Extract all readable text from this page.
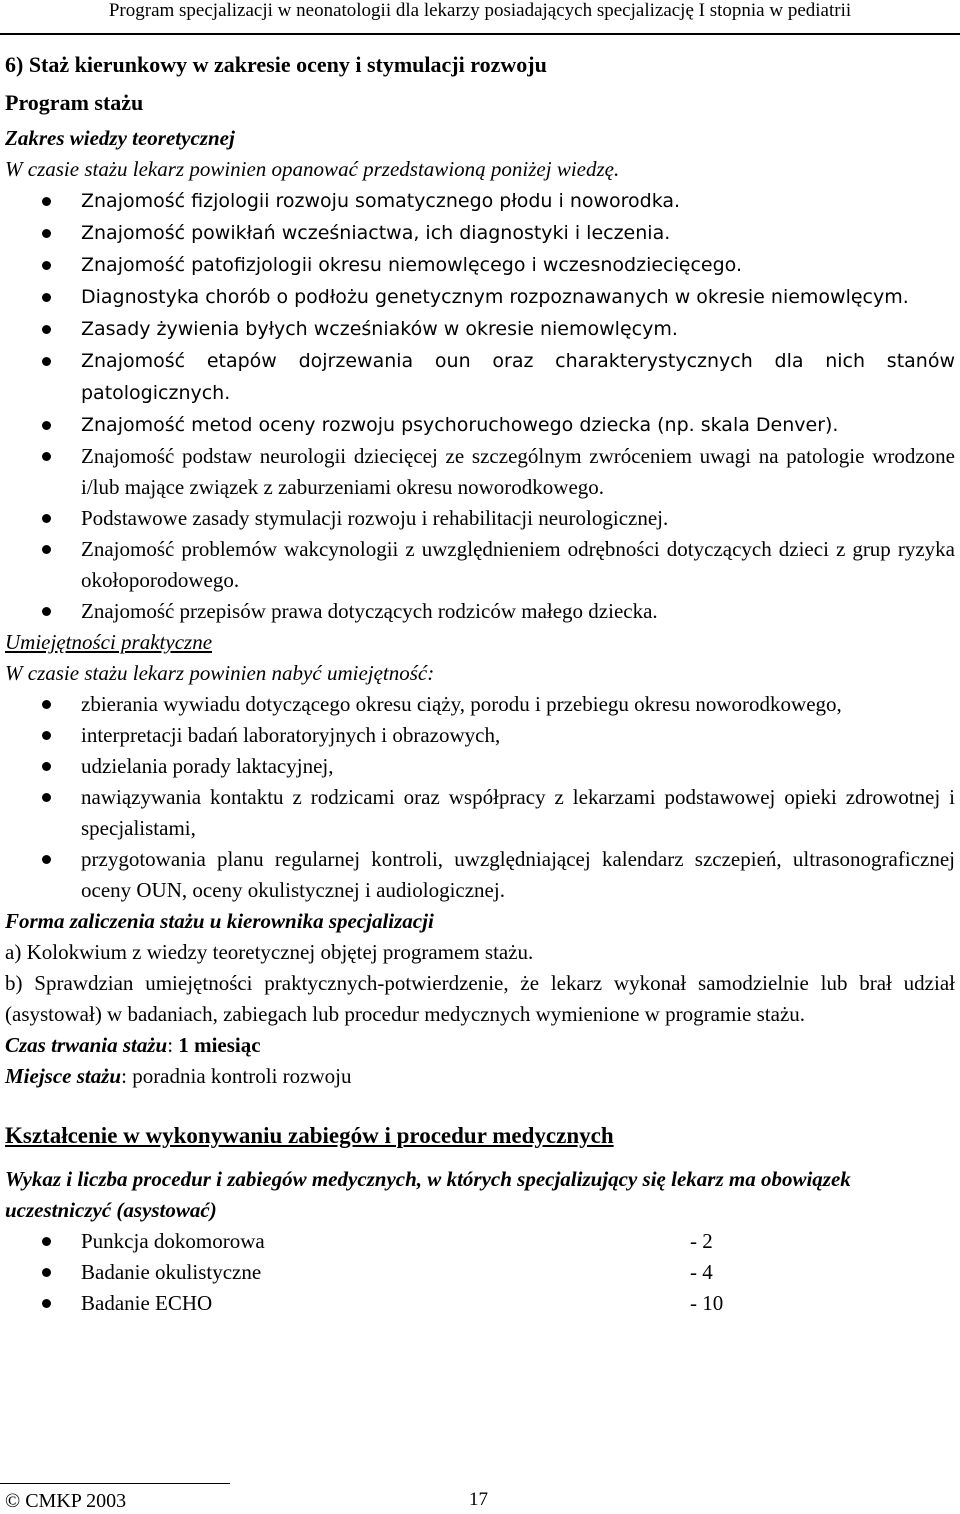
Program specjalizacji w neonatologii dla lekarzy posiadających specjalizację I stopnia w pediatrii
6) Staż kierunkowy w zakresie oceny i stymulacji rozwoju
Program stażu
Zakres wiedzy teoretycznej
W czasie stażu lekarz powinien opanować przedstawioną poniżej wiedzę.
Znajomość fizjologii rozwoju somatycznego płodu i noworodka.
Znajomość powikłań wcześniactwa, ich diagnostyki i leczenia.
Znajomość patofizjologii okresu niemowlęcego i wczesnodziecięcego.
Diagnostyka chorób o podłożu genetycznym rozpoznawanych w okresie niemowlęcym.
Zasady żywienia byłych wcześniaków w okresie niemowlęcym.
Znajomość etapów dojrzewania oun oraz charakterystycznych dla nich stanów patologicznych.
Znajomość metod oceny rozwoju psychoruchowego dziecka (np. skala Denver).
Znajomość podstaw neurologii dziecięcej ze szczególnym zwróceniem uwagi na patologie wrodzone i/lub mające związek z zaburzeniami okresu noworodkowego.
Podstawowe zasady stymulacji rozwoju i rehabilitacji neurologicznej.
Znajomość problemów wakcynologii z uwzględnieniem odrębności dotyczących dzieci z grup ryzyka okołoporodowego.
Znajomość przepisów prawa dotyczących rodziców małego dziecka.
Umiejętności praktyczne
W czasie stażu lekarz powinien nabyć umiejętność:
zbierania wywiadu dotyczącego okresu ciąży, porodu i przebiegu okresu noworodkowego,
interpretacji badań laboratoryjnych i obrazowych,
udzielania porady laktacyjnej,
nawiązywania kontaktu z rodzicami oraz współpracy z lekarzami podstawowej opieki zdrowotnej i specjalistami,
przygotowania planu regularnej kontroli, uwzględniającej kalendarz szczepień, ultrasonograficznej oceny OUN, oceny okulistycznej i audiologicznej.
Forma zaliczenia stażu u kierownika specjalizacji
a) Kolokwium z wiedzy teoretycznej objętej programem stażu.
b) Sprawdzian umiejętności praktycznych-potwierdzenie, że lekarz wykonał samodzielnie lub brał udział (asystował) w badaniach, zabiegach lub procedur medycznych wymienione w programie stażu.
Czas trwania stażu: 1 miesiąc
Miejsce stażu: poradnia kontroli rozwoju
Kształcenie w wykonywaniu zabiegów i procedur medycznych
Wykaz i liczba procedur i zabiegów medycznych, w których specjalizujący się lekarz ma obowiązek uczestniczyć (asystować)
Punkcja dokomorowa	- 2
Badanie okulistyczne	- 4
Badanie ECHO	- 10
© CMKP 2003	17
